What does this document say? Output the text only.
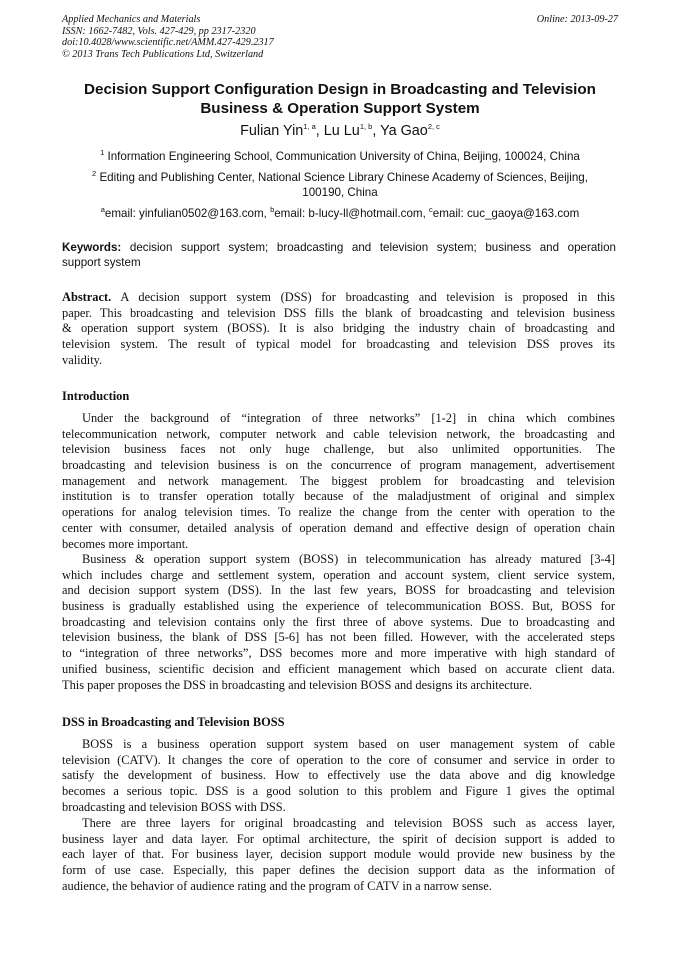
Applied Mechanics and Materials
ISSN: 1662-7482, Vols. 427-429, pp 2317-2320
doi:10.4028/www.scientific.net/AMM.427-429.2317
© 2013 Trans Tech Publications Ltd, Switzerland
Online: 2013-09-27
Decision Support Configuration Design in Broadcasting and Television
Business & Operation Support System
Fulian Yin$^{1, a}$, Lu Lu$^{1, b}$, Ya Gao$^{2, c}$
$^1$ Information Engineering School, Communication University of China, Beijing, 100024, China
$^2$ Editing and Publishing Center, National Science Library Chinese Academy of Sciences, Beijing,
100190, China
$^a$email: yinfulian0502@163.com, $^b$email: b-lucy-ll@hotmail.com, $^c$email: cuc_gaoya@163.com
Keywords: decision support system; broadcasting and television system; business and operation
support system
Abstract. A decision support system (DSS) for broadcasting and television is proposed in this
paper. This broadcasting and television DSS fills the blank of broadcasting and television business
& operation support system (BOSS). It is also bridging the industry chain of broadcasting and
television system. The result of typical model for broadcasting and television DSS proves its
validity.
Introduction
Under the background of “integration of three networks” [1-2] in china which combines
telecommunication network, computer network and cable television network, the broadcasting and
television business faces not only huge challenge, but also unlimited opportunities. The
broadcasting and television business is on the concurrence of program management, advertisement
management and network management. The biggest problem for broadcasting and television
institution is to transfer operation totally because of the maladjustment of original and simplex
operations for analog television times. To realize the change from the center with operation to the
center with consumer, detailed analysis of operation demand and effective design of operation chain
becomes more important.
Business & operation support system (BOSS) in telecommunication has already matured [3-4]
which includes charge and settlement system, operation and account system, client service system,
and decision support system (DSS). In the last few years, BOSS for broadcasting and television
business is gradually established using the experience of telecommunication BOSS. But, BOSS for
broadcasting and television contains only the first three of above systems. Due to broadcasting and
television business, the blank of DSS [5-6] has not been filled. However, with the accelerated steps
to “integration of three networks”, DSS becomes more and more imperative with high standard of
unified business, scientific decision and efficient management which based on accurate client data.
This paper proposes the DSS in broadcasting and television BOSS and designs its architecture.
DSS in Broadcasting and Television BOSS
BOSS is a business operation support system based on user management system of cable
television (CATV). It changes the core of operation to the core of consumer and service in order to
satisfy the development of business. How to effectively use the data above and dig knowledge
becomes a serious topic. DSS is a good solution to this problem and Figure 1 gives the optimal
broadcasting and television BOSS with DSS.
There are three layers for original broadcasting and television BOSS such as access layer,
business layer and data layer. For optimal architecture, the spirit of decision support is added to
each layer of that. For business layer, decision support module would provide new business by the
form of use case. Especially, this paper defines the decision support data as the information of
audience, the behavior of audience rating and the program of CATV in a narrow sense.
